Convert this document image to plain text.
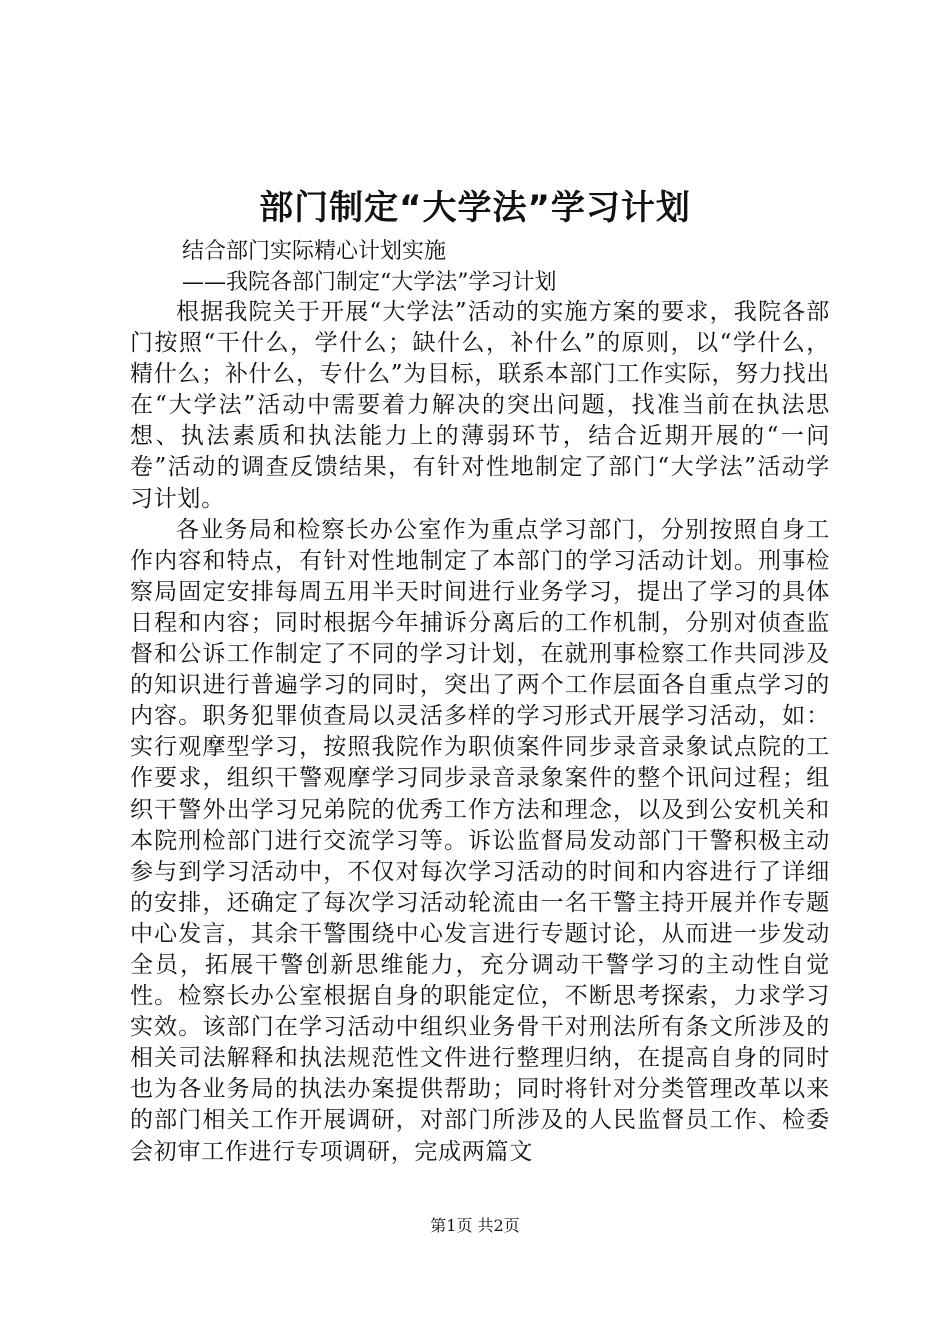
部门制定“大学法”学习计划
结合部门实际精心计划实施
——我院各部门制定“大学法”学习计划

根据我院关于开展“大学法”活动的实施方案的要求，我院各部门按照“干什么，学什么；缺什么，补什么”的原则，以“学什么，精什么；补什么，专什么”为目标，联系本部门工作实际，努力找出在“大学法”活动中需要着力解决的突出问题，找准当前在执法思想、执法素质和执法能力上的薄弱环节，结合近期开展的“一问卷”活动的调查反馈结果，有针对性地制定了部门“大学法”活动学习计划。

各业务局和检察长办公室作为重点学习部门，分别按照自身工作内容和特点，有针对性地制定了本部门的学习活动计划。刑事检察局固定安排每周五用半天时间进行业务学习，提出了学习的具体日程和内容；同时根据今年捕诉分离后的工作机制，分别对侦查监督和公诉工作制定了不同的学习计划，在就刑事检察工作共同涉及的知识进行普遍学习的同时，突出了两个工作层面各自重点学习的内容。职务犯罪侦查局以灵活多样的学习形式开展学习活动，如：实行观摩型学习，按照我院作为职侦案件同步录音录象试点院的工作要求，组织干警观摩学习同步录音录象案件的整个讯问过程；组织干警外出学习兄弟院的优秀工作方法和理念，以及到公安机关和本院刑检部门进行交流学习等。诉讼监督局发动部门干警积极主动参与到学习活动中，不仅对每次学习活动的时间和内容进行了详细的安排，还确定了每次学习活动轮流由一名干警主持开展并作专题中心发言，其余干警围绕中心发言进行专题讨论，从而进一步发动全员，拓展干警创新思维能力，充分调动干警学习的主动性自觉性。检察长办公室根据自身的职能定位，不断思考探索，力求学习实效。该部门在学习活动中组织业务骨干对刑法所有条文所涉及的相关司法解释和执法规范性文件进行整理归纳，在提高自身的同时也为各业务局的执法办案提供帮助；同时将针对分类管理改革以来的部门相关工作开展调研，对部门所涉及的人民监督员工作、检委会初审工作进行专项调研，完成两篇文

第1页 共2页
